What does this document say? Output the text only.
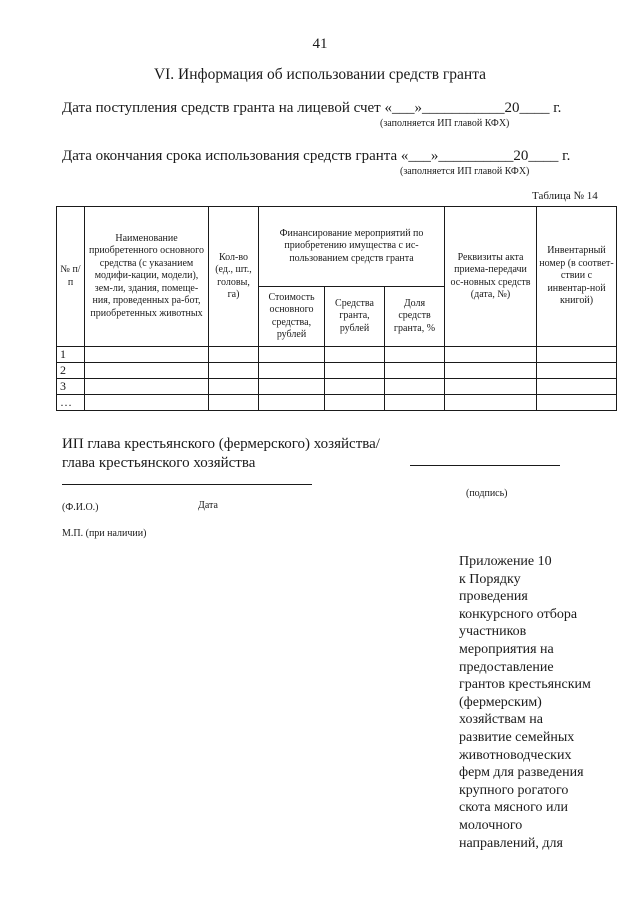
41
VI. Информация об использовании средств гранта
Дата поступления средств гранта на лицевой счет «___»___________20____ г.
(заполняется ИП главой КФХ)
Дата окончания срока использования средств гранта «___»__________20____ г.
(заполняется ИП главой КФХ)
Таблица № 14
№ п/п	Наименование приобретенного основного средства (с указанием модифи-кации, модели), зем-ли, здания, помеще-ния, проведенных ра-бот, приобретенных животных	Кол-во (ед., шт., головы, га)	Финансирование мероприятий по приобретению имущества с ис-пользованием средств гранта			Реквизиты акта приема-передачи ос-новных средств (дата, №)	Инвентарный номер (в соответ-ствии с инвентар-ной книгой)
			Стоимость основного средства, рублей	Средства гранта, рублей	Доля средств гранта, %		
1							
2							
3							
…							
ИП глава крестьянского (фермерского) хозяйства/
глава крестьянского хозяйства
(подпись)
(Ф.И.О.)	Дата
М.П. (при наличии)
Приложение 10
к Порядку
проведения
конкурсного отбора
участников
мероприятия на
предоставление
грантов крестьянским
(фермерским)
хозяйствам на
развитие семейных
животноводческих
ферм для разведения
крупного рогатого
скота мясного или
молочного
направлений, для
